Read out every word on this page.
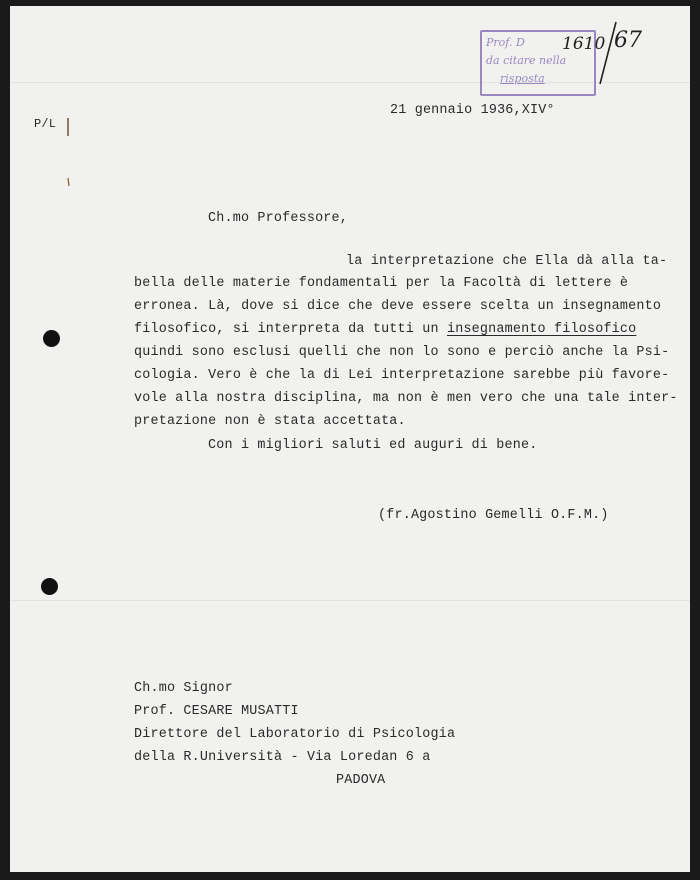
Prof. D
da citare nella
risposta
1610 67
P/L
21 gennaio 1936,XIV°
Ch.mo Professore,
la interpretazione che Ella dà alla ta-
bella delle materie fondamentali per la Facoltà di lettere è
erronea. Là, dove si dice che deve essere scelta un insegnamento
filosofico, si interpreta da tutti un insegnamento filosofico
quindi sono esclusi quelli che non lo sono e perciò anche la Psi-
cologia. Vero è che la di Lei interpretazione sarebbe più favore-
vole alla nostra disciplina, ma non è men vero che una tale inter-
pretazione non è stata accettata.
Con i migliori saluti ed auguri di bene.
(fr.Agostino Gemelli O.F.M.)
Ch.mo Signor
Prof. CESARE MUSATTI
Direttore del Laboratorio di Psicologia
della R.Università - Via Loredan 6 a
PADOVA
